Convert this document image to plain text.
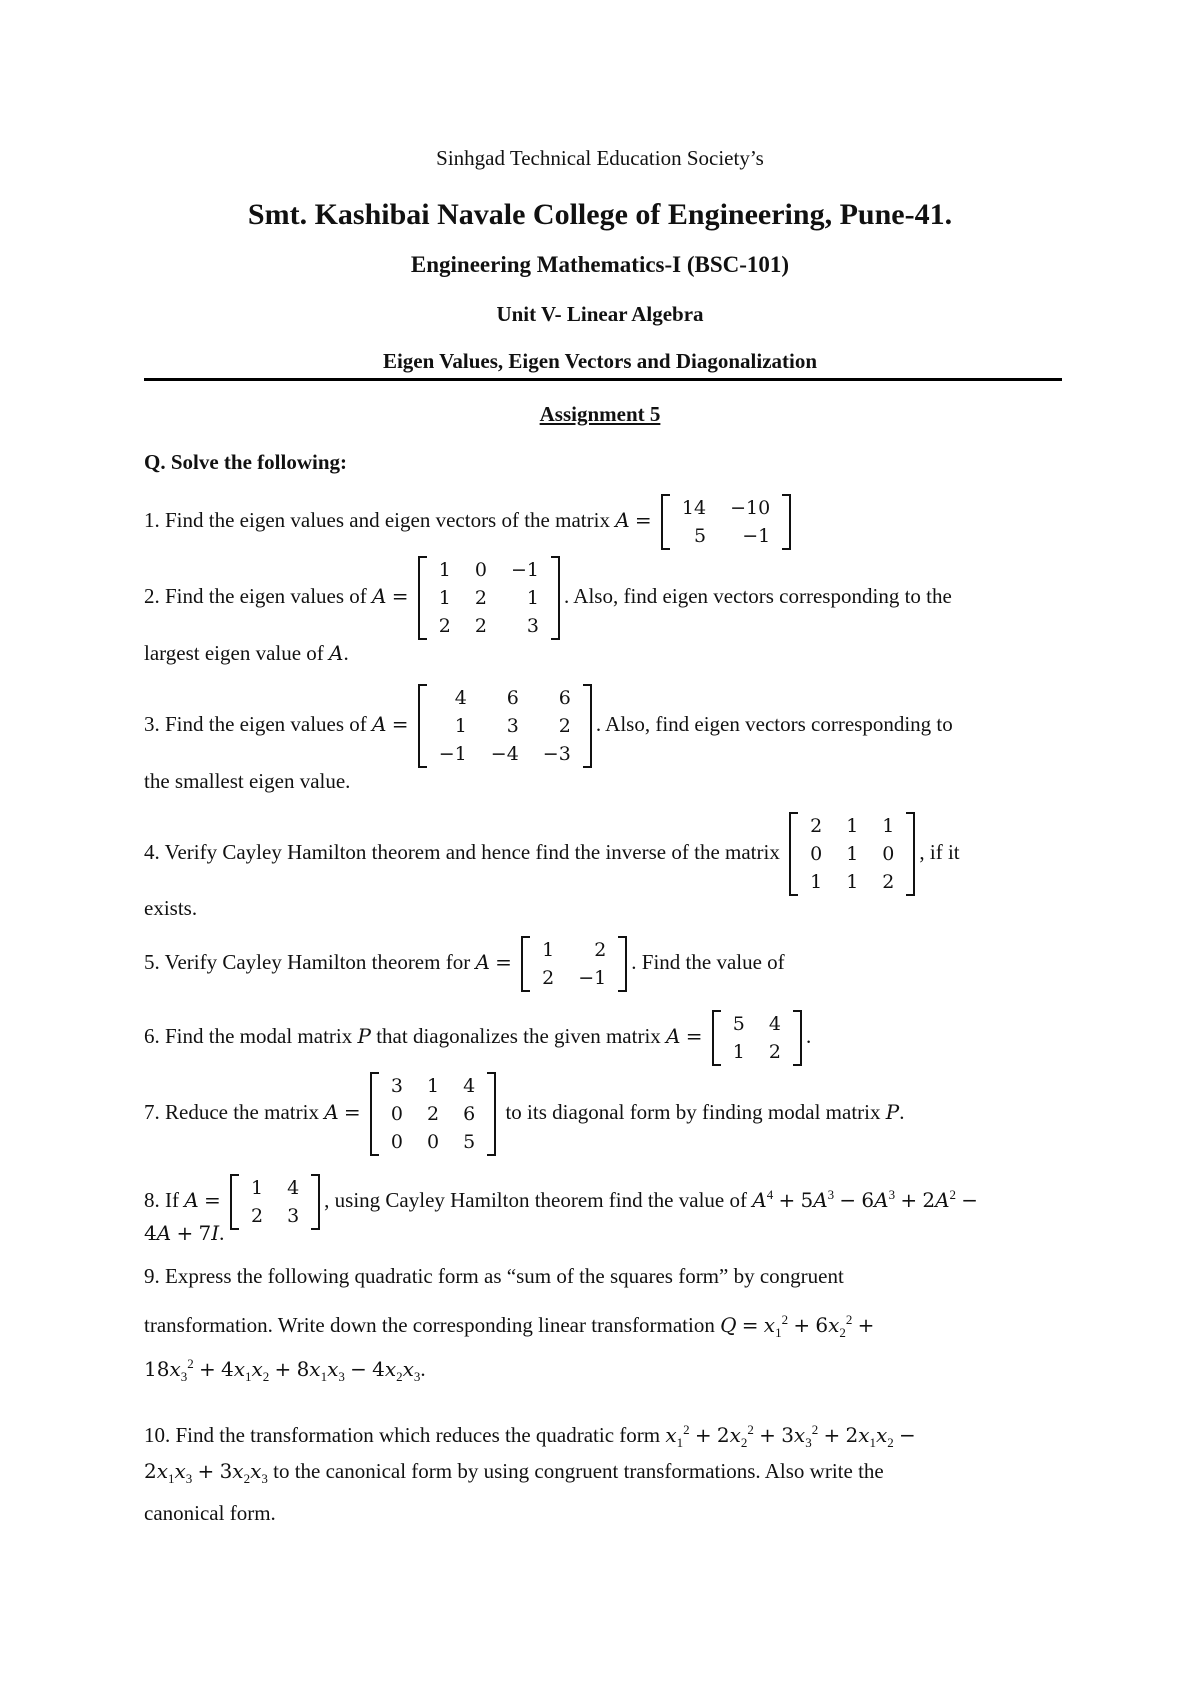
Sinhgad Technical Education Society’s
Smt. Kashibai Navale College of Engineering, Pune-41.
Engineering Mathematics-I (BSC-101)
Unit V- Linear Algebra
Eigen Values, Eigen Vectors and Diagonalization
Assignment 5
Q. Solve the following:
1. Find the eigen values and eigen vectors of the matrix A = 14	−10
5	−1
2. Find the eigen values of A =
1	0	−1
1	2	1
2	2	3
. Also, find eigen vectors corresponding to the
largest eigen value of A.
3. Find the eigen values of A =
4	6	6
1	3	2
−1	−4	−3
. Also, find eigen vectors corresponding to
the smallest eigen value.
4. Verify Cayley Hamilton theorem and hence find the inverse of the matrix
2	1	1
0	1	0
1	1	2
, if it
exists.
5. Verify Cayley Hamilton theorem for A = 1	2
2	−1
. Find the value of
6. Find the modal matrix P that diagonalizes the given matrix A = 5	4
1	2
.
7. Reduce the matrix A =
3	1	4
0	2	6
0	0	5
to its diagonal form by finding modal matrix P.
8. If A = 1	4
2	3
, using Cayley Hamilton theorem find the value of $A^4 + 5A^3 - 6A^3 + 2A^2$ −
4A + 7I.
9. Express the following quadratic form as “sum of the squares form” by congruent
transformation. Write down the corresponding linear transformation $Q = x_1^2 + 6x_2^2$ +
$18x_3^2 + 4x_1x_2 + 8x_1x_3 - 4x_2x_3$.
10. Find the transformation which reduces the quadratic form $x_1^2 + 2x_2^2 + 3x_3^2 + 2x_1x_2$ −
$2x_1x_3 + 3x_2x_3$ to the canonical form by using congruent transformations. Also write the
canonical form.
